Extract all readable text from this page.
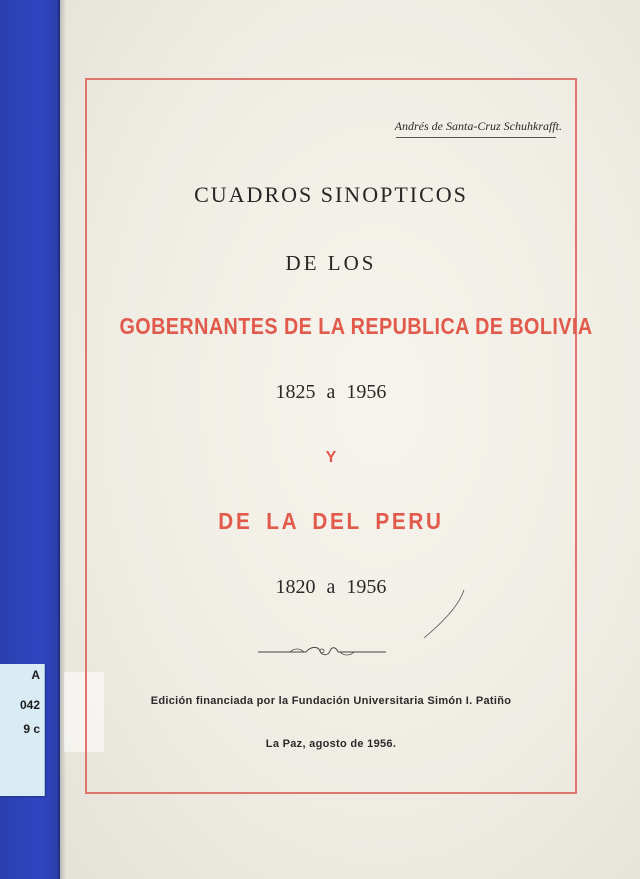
A
042
9 c
Andrés de Santa-Cruz Schuhkrafft.
CUADROS SINOPTICOS
DE LOS
GOBERNANTES DE LA REPUBLICA DE BOLIVIA
1825 a 1956
Y
DE LA DEL PERU
1820 a 1956
Edición financiada por la Fundación Universitaria Simón I. Patiño
La Paz, agosto de 1956.
